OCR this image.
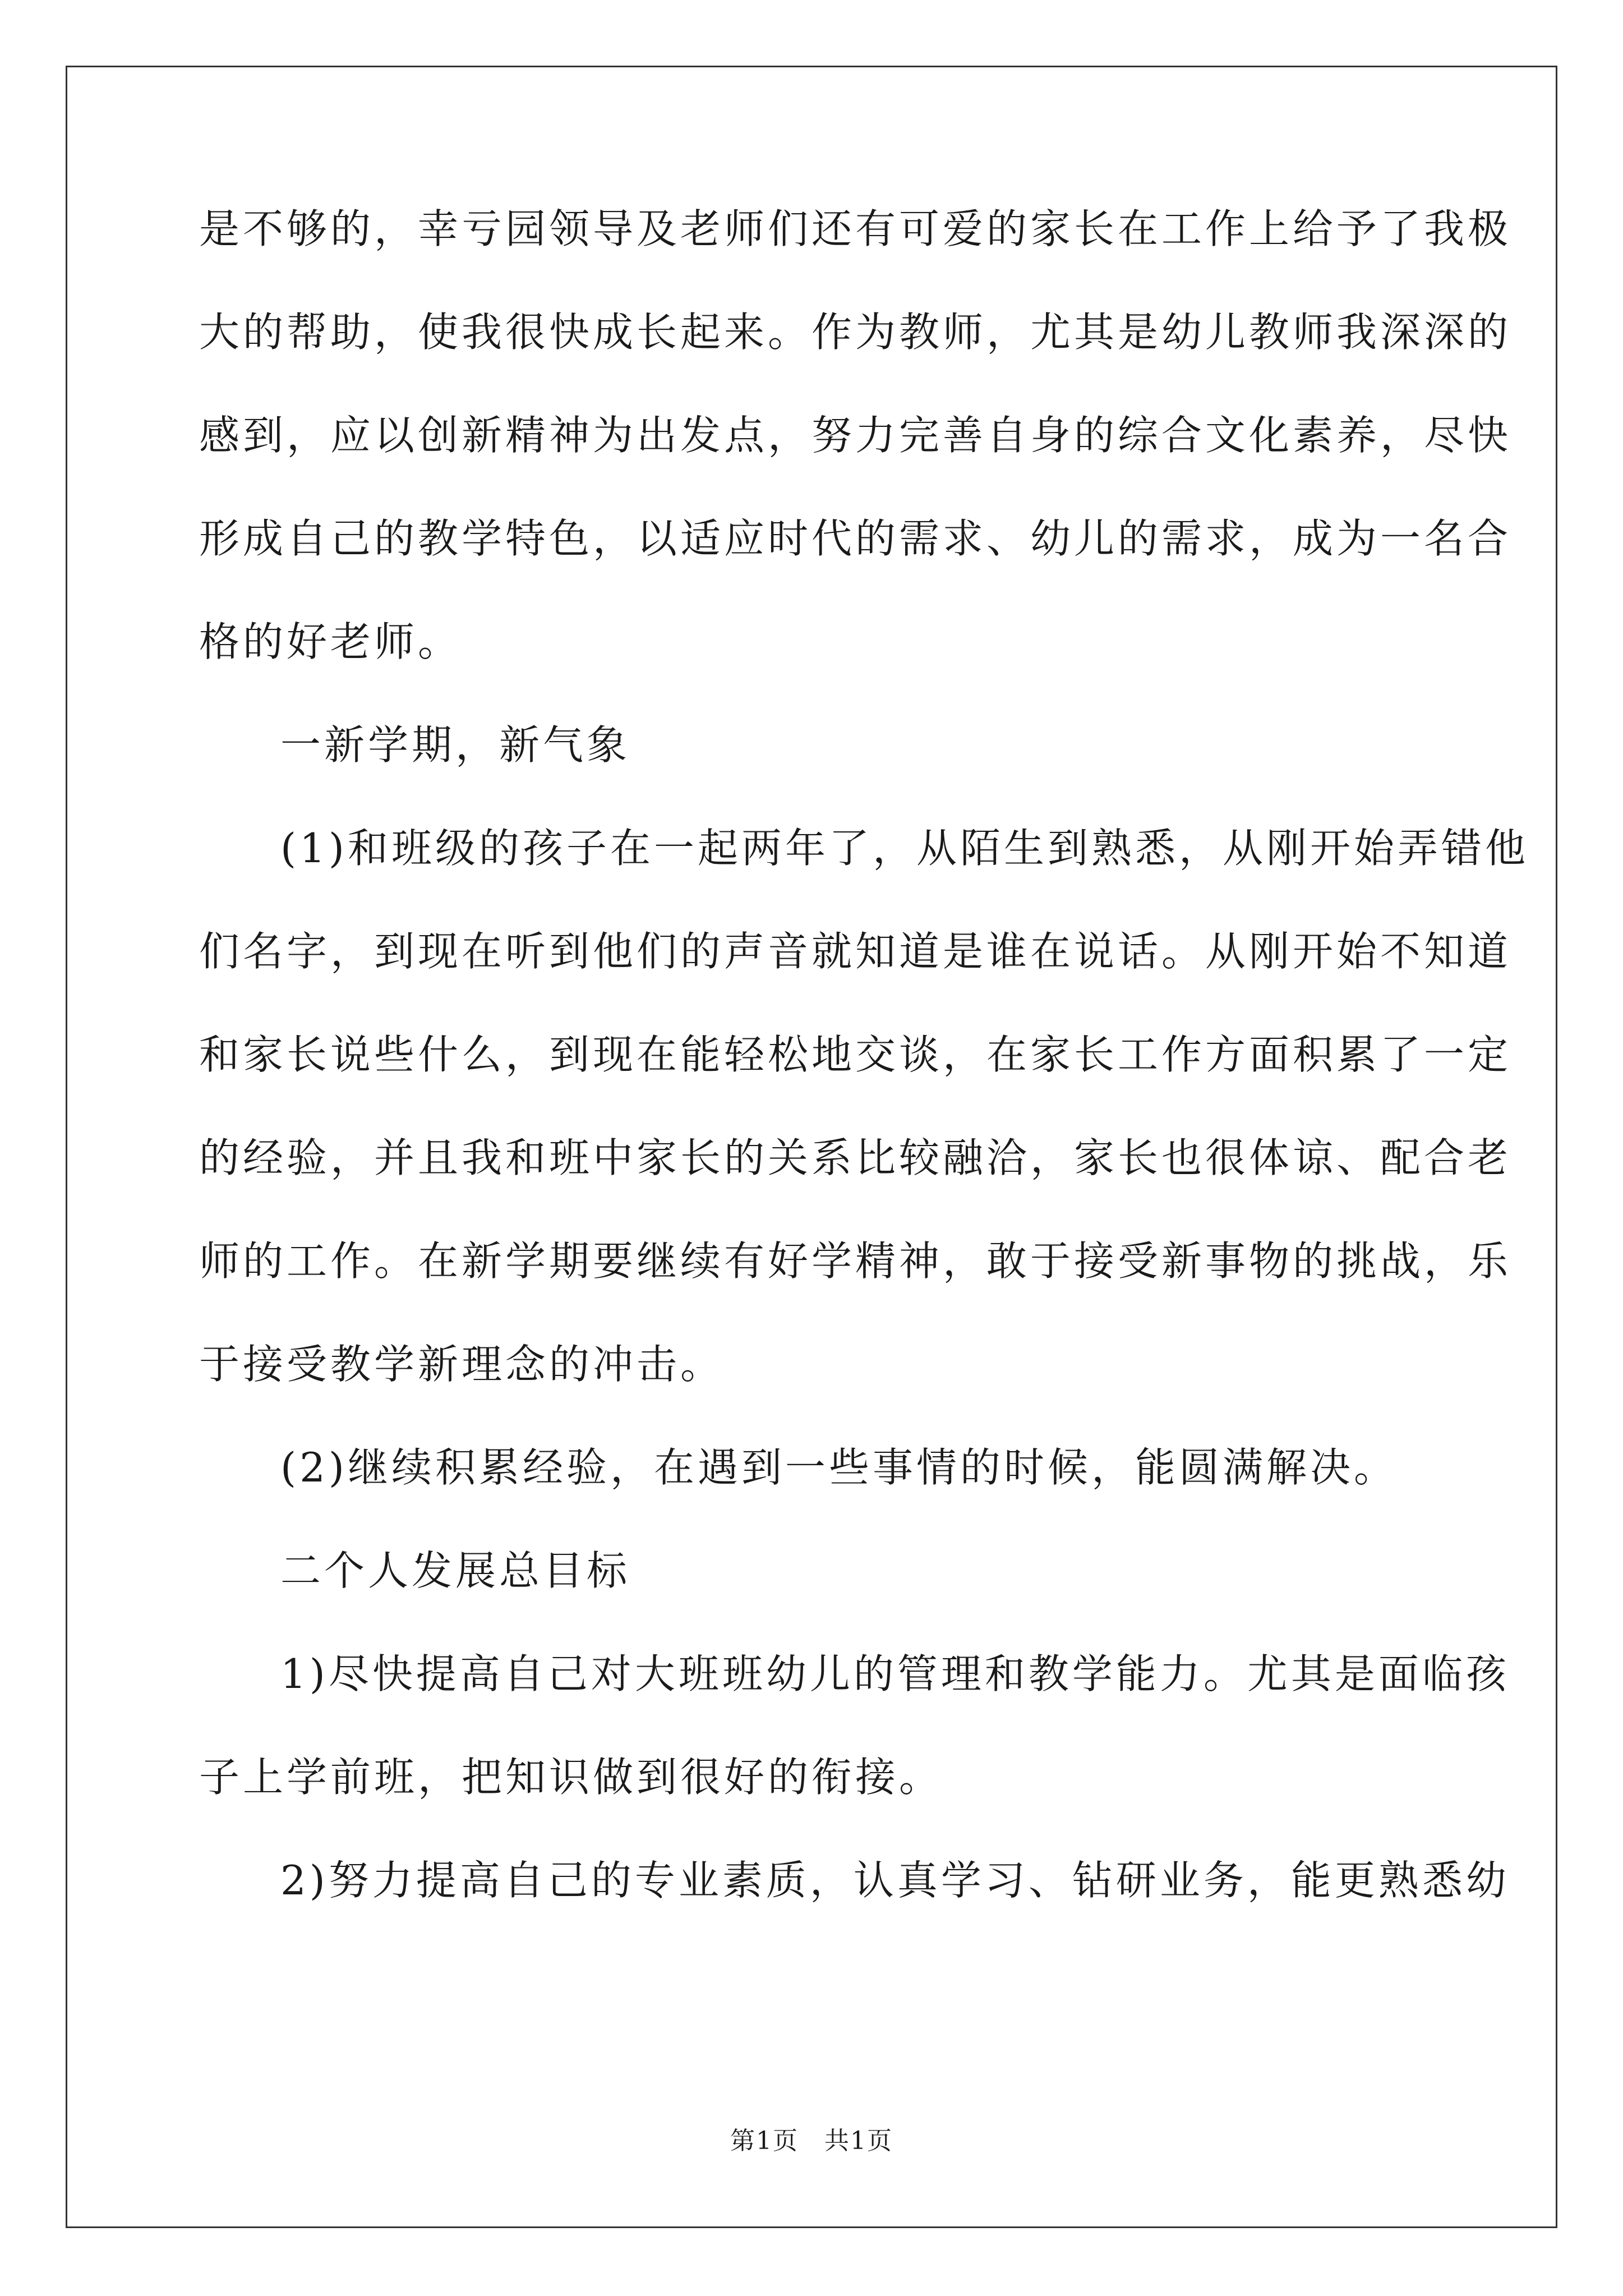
是不够的，幸亏园领导及老师们还有可爱的家长在工作上给予了我极
大的帮助，使我很快成长起来。作为教师，尤其是幼儿教师我深深的
感到，应以创新精神为出发点，努力完善自身的综合文化素养，尽快
形成自己的教学特色，以适应时代的需求、幼儿的需求，成为一名合
格的好老师。
一新学期，新气象
(1)和班级的孩子在一起两年了，从陌生到熟悉，从刚开始弄错他
们名字，到现在听到他们的声音就知道是谁在说话。从刚开始不知道
和家长说些什么，到现在能轻松地交谈，在家长工作方面积累了一定
的经验，并且我和班中家长的关系比较融洽，家长也很体谅、配合老
师的工作。在新学期要继续有好学精神，敢于接受新事物的挑战，乐
于接受教学新理念的冲击。
(2)继续积累经验，在遇到一些事情的时候，能圆满解决。
二个人发展总目标
1)尽快提高自己对大班班幼儿的管理和教学能力。尤其是面临孩
子上学前班，把知识做到很好的衔接。
2)努力提高自己的专业素质，认真学习、钻研业务，能更熟悉幼
第1页　共1页
